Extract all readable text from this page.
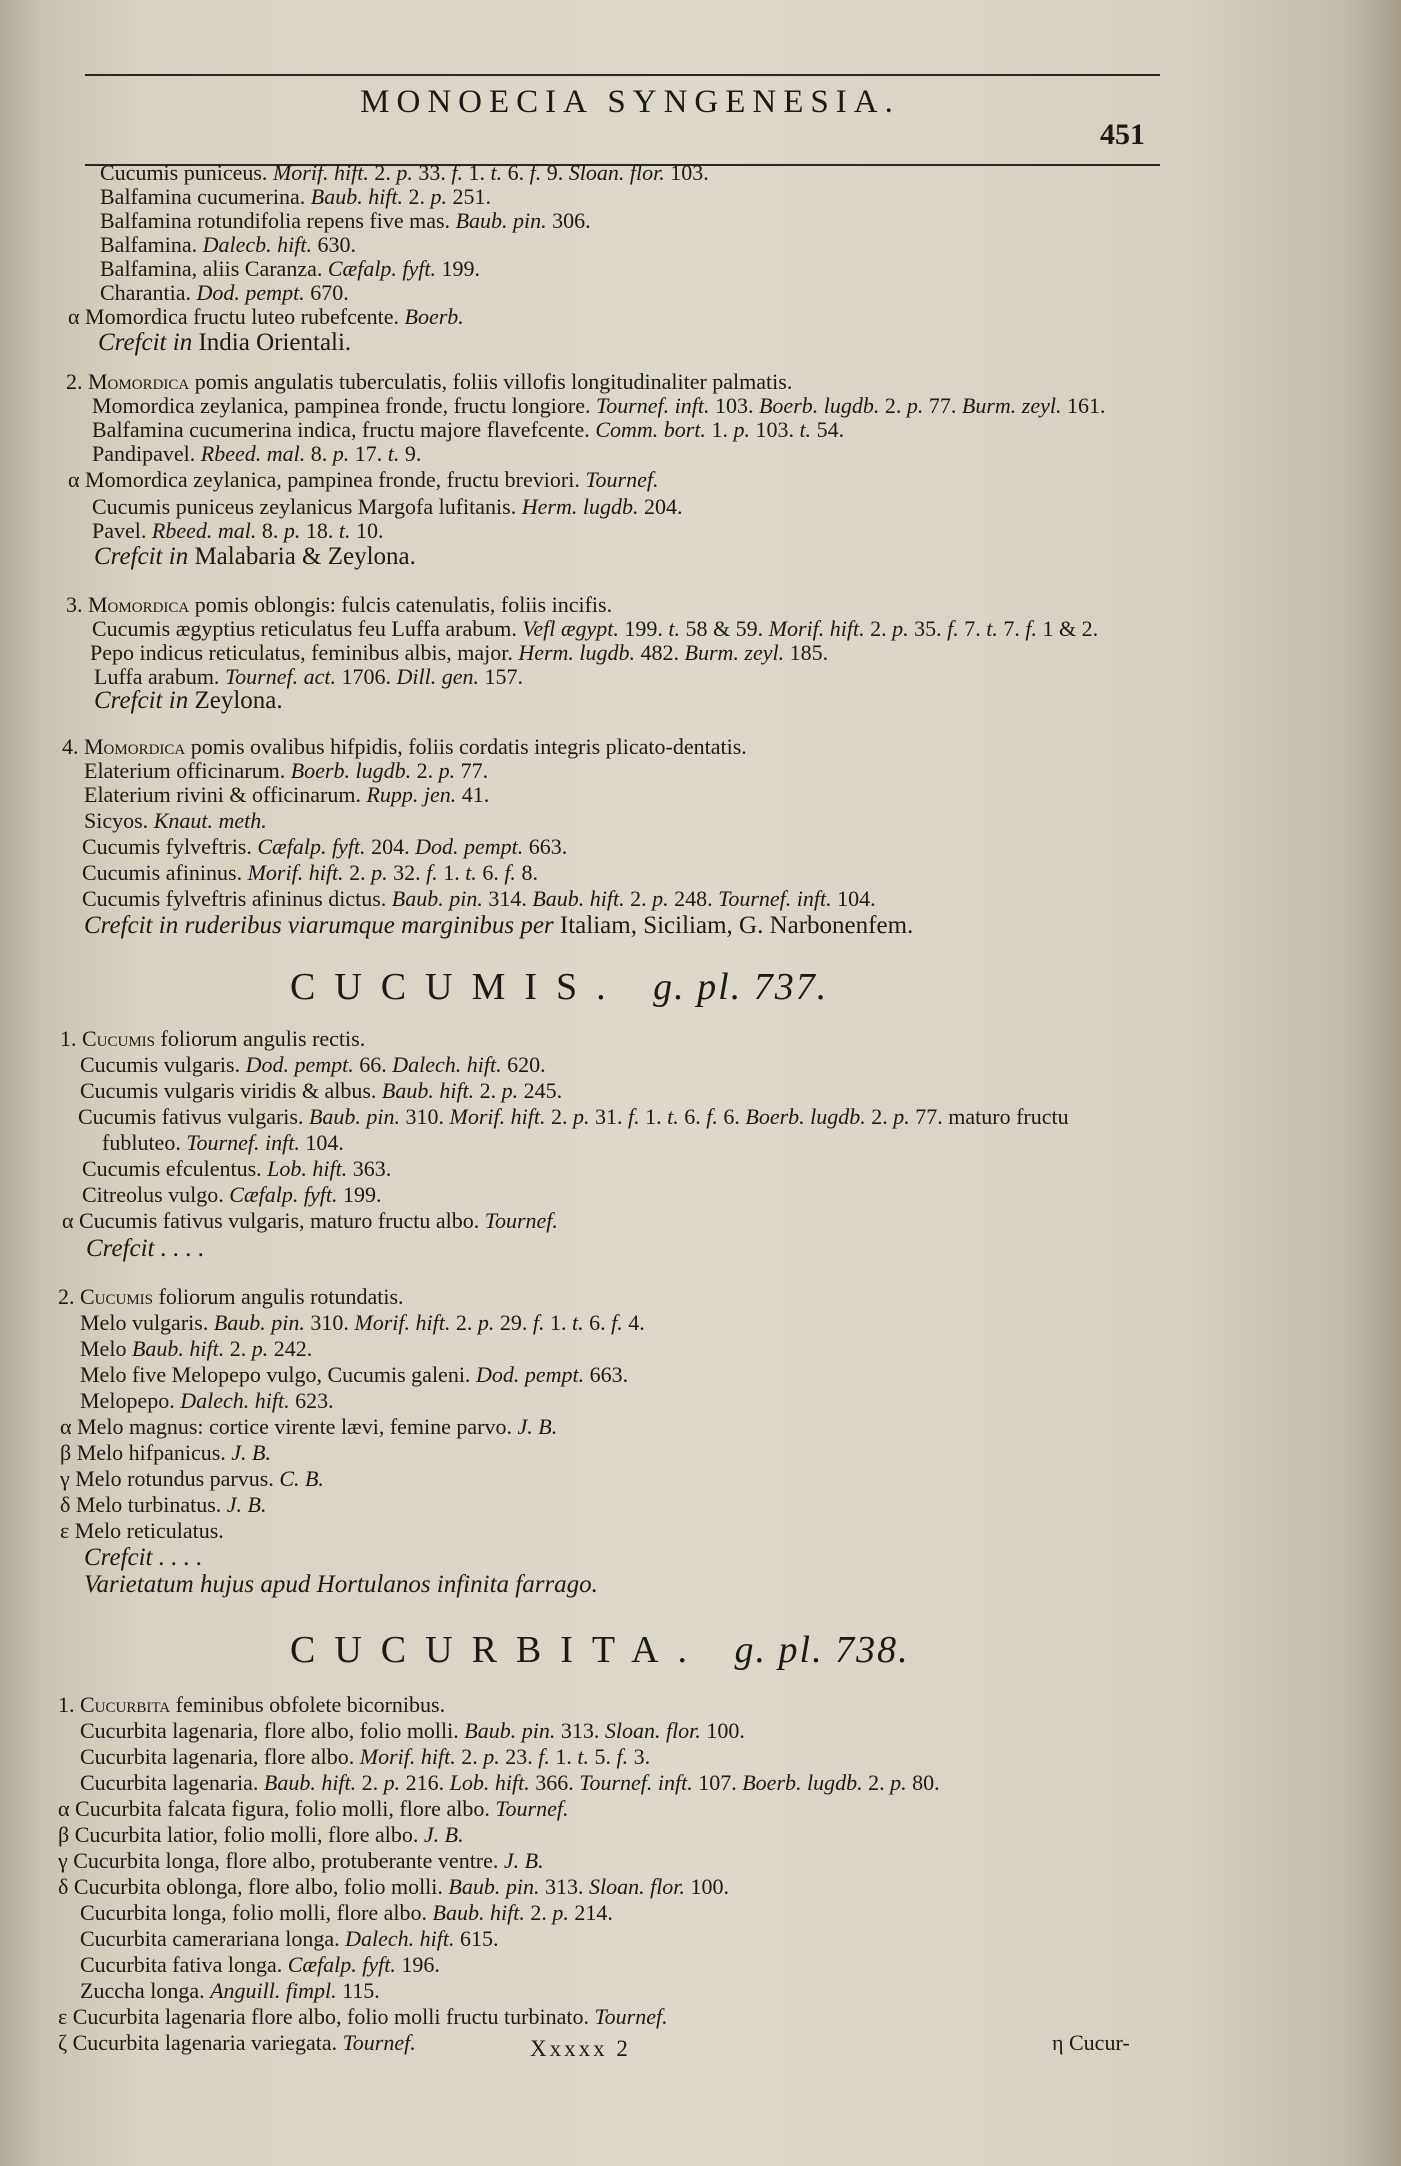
MONOECIA SYNGENESIA.
451
Cucumis puniceus. Morif. hift. 2. p. 33. f. 1. t. 6. f. 9. Sloan. flor. 103.
Balfamina cucumerina. Baub. hift. 2. p. 251.
Balfamina rotundifolia repens five mas. Baub. pin. 306.
Balfamina. Dalecb. hift. 630.
Balfamina, aliis Caranza. Cæfalp. fyft. 199.
Charantia. Dod. pempt. 670.
α Momordica fructu luteo rubefcente. Boerb.
Crefcit in India Orientali.
2. Momordica pomis angulatis tuberculatis, foliis villofis longitudinaliter palmatis.
Momordica zeylanica, pampinea fronde, fructu longiore. Tournef. inft. 103. Boerb. lugdb. 2. p. 77. Burm. zeyl. 161.
Balfamina cucumerina indica, fructu majore flavefcente. Comm. bort. 1. p. 103. t. 54.
Pandipavel. Rbeed. mal. 8. p. 17. t. 9.
α Momordica zeylanica, pampinea fronde, fructu breviori. Tournef.
Cucumis puniceus zeylanicus Margofa lufitanis. Herm. lugdb. 204.
Pavel. Rbeed. mal. 8. p. 18. t. 10.
Crefcit in Malabaria & Zeylona.
3. Momordica pomis oblongis: fulcis catenulatis, foliis incifis.
Cucumis ægyptius reticulatus feu Luffa arabum. Vefl ægypt. 199. t. 58 & 59. Morif. hift. 2. p. 35. f. 7. t. 7. f. 1 & 2.
Pepo indicus reticulatus, feminibus albis, major. Herm. lugdb. 482. Burm. zeyl. 185.
Luffa arabum. Tournef. act. 1706. Dill. gen. 157.
Crefcit in Zeylona.
4. Momordica pomis ovalibus hifpidis, foliis cordatis integris plicato-dentatis.
Elaterium officinarum. Boerb. lugdb. 2. p. 77.
Elaterium rivini & officinarum. Rupp. jen. 41.
Sicyos. Knaut. meth.
Cucumis fylveftris. Cæfalp. fyft. 204. Dod. pempt. 663.
Cucumis afininus. Morif. hift. 2. p. 32. f. 1. t. 6. f. 8.
Cucumis fylveftris afininus dictus. Baub. pin. 314. Baub. hift. 2. p. 248. Tournef. inft. 104.
Crefcit in ruderibus viarumque marginibus per Italiam, Siciliam, G. Narbonenfem.
1. Cucumis foliorum angulis rectis.
Cucumis vulgaris. Dod. pempt. 66. Dalech. hift. 620.
Cucumis vulgaris viridis & albus. Baub. hift. 2. p. 245.
Cucumis fativus vulgaris. Baub. pin. 310. Morif. hift. 2. p. 31. f. 1. t. 6. f. 6. Boerb. lugdb. 2. p. 77. maturo fructu
fubluteo. Tournef. inft. 104.
Cucumis efculentus. Lob. hift. 363.
Citreolus vulgo. Cæfalp. fyft. 199.
α Cucumis fativus vulgaris, maturo fructu albo. Tournef.
Crefcit . . . .
2. Cucumis foliorum angulis rotundatis.
Melo vulgaris. Baub. pin. 310. Morif. hift. 2. p. 29. f. 1. t. 6. f. 4.
Melo Baub. hift. 2. p. 242.
Melo five Melopepo vulgo, Cucumis galeni. Dod. pempt. 663.
Melopepo. Dalech. hift. 623.
α Melo magnus: cortice virente lævi, femine parvo. J. B.
β Melo hifpanicus. J. B.
γ Melo rotundus parvus. C. B.
δ Melo turbinatus. J. B.
ε Melo reticulatus.
Crefcit . . . .
Varietatum hujus apud Hortulanos infinita farrago.
1. Cucurbita feminibus obfolete bicornibus.
Cucurbita lagenaria, flore albo, folio molli. Baub. pin. 313. Sloan. flor. 100.
Cucurbita lagenaria, flore albo. Morif. hift. 2. p. 23. f. 1. t. 5. f. 3.
Cucurbita lagenaria. Baub. hift. 2. p. 216. Lob. hift. 366. Tournef. inft. 107. Boerb. lugdb. 2. p. 80.
α Cucurbita falcata figura, folio molli, flore albo. Tournef.
β Cucurbita latior, folio molli, flore albo. J. B.
γ Cucurbita longa, flore albo, protuberante ventre. J. B.
δ Cucurbita oblonga, flore albo, folio molli. Baub. pin. 313. Sloan. flor. 100.
Cucurbita longa, folio molli, flore albo. Baub. hift. 2. p. 214.
Cucurbita camerariana longa. Dalech. hift. 615.
Cucurbita fativa longa. Cæfalp. fyft. 196.
Zuccha longa. Anguill. fimpl. 115.
ε Cucurbita lagenaria flore albo, folio molli fructu turbinato. Tournef.
ζ Cucurbita lagenaria variegata. Tournef.
CUCUMIS. g. pl. 737.
CUCURBITA. g. pl. 738.
Xxxxx 2	η Cucur-
